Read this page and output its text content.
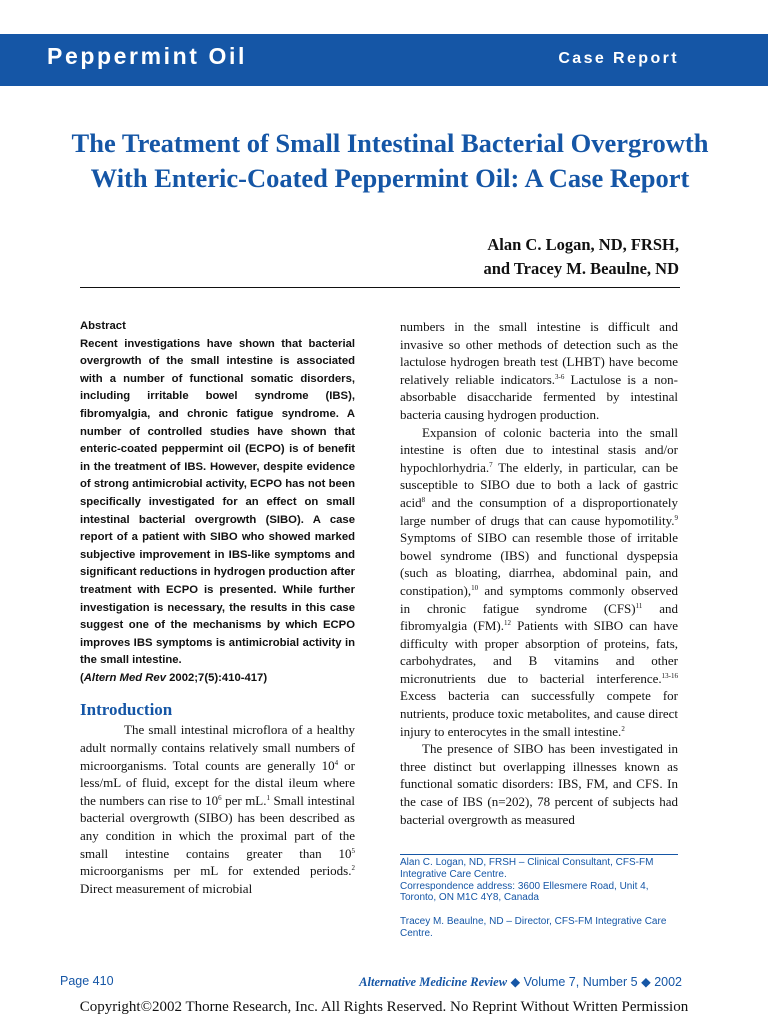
Peppermint Oil	Case Report
The Treatment of Small Intestinal Bacterial Overgrowth With Enteric-Coated Peppermint Oil: A Case Report
Alan C. Logan, ND, FRSH,
and Tracey M. Beaulne, ND
Abstract

Recent investigations have shown that bacterial overgrowth of the small intestine is associated with a number of functional somatic disorders, including irritable bowel syndrome (IBS), fibromyalgia, and chronic fatigue syndrome. A number of controlled studies have shown that enteric-coated peppermint oil (ECPO) is of benefit in the treatment of IBS. However, despite evidence of strong antimicrobial activity, ECPO has not been specifically investigated for an effect on small intestinal bacterial overgrowth (SIBO). A case report of a patient with SIBO who showed marked subjective improvement in IBS-like symptoms and significant reductions in hydrogen production after treatment with ECPO is presented. While further investigation is necessary, the results in this case suggest one of the mechanisms by which ECPO improves IBS symptoms is antimicrobial activity in the small intestine.

(Altern Med Rev 2002;7(5):410-417)
Introduction

The small intestinal microflora of a healthy adult normally contains relatively small numbers of microorganisms. Total counts are generally $10^4$ or less/mL of fluid, except for the distal ileum where the numbers can rise to $10^6$ per mL.$^1$ Small intestinal bacterial overgrowth (SIBO) has been described as any condition in which the proximal part of the small intestine contains greater than $10^5$ microorganisms per mL for extended periods.$^2$ Direct measurement of microbial

numbers in the small intestine is difficult and invasive so other methods of detection such as the lactulose hydrogen breath test (LHBT) have become relatively reliable indicators.$^{3-6}$ Lactulose is a non-absorbable disaccharide fermented by intestinal bacteria causing hydrogen production.

Expansion of colonic bacteria into the small intestine is often due to intestinal stasis and/or hypochlorhydria.$^7$ The elderly, in particular, can be susceptible to SIBO due to both a lack of gastric acid$^8$ and the consumption of a disproportionately large number of drugs that can cause hypomotility.$^9$ Symptoms of SIBO can resemble those of irritable bowel syndrome (IBS) and functional dyspepsia (such as bloating, diarrhea, abdominal pain, and constipation),$^{10}$ and symptoms commonly observed in chronic fatigue syndrome (CFS)$^{11}$ and fibromyalgia (FM).$^{12}$ Patients with SIBO can have difficulty with proper absorption of proteins, fats, carbohydrates, and B vitamins and other micronutrients due to bacterial interference.$^{13-16}$ Excess bacteria can successfully compete for nutrients, produce toxic metabolites, and cause direct injury to enterocytes in the small intestine.$^2$

The presence of SIBO has been investigated in three distinct but overlapping illnesses known as functional somatic disorders: IBS, FM, and CFS. In the case of IBS (n=202), 78 percent of subjects had bacterial overgrowth as measured

Alan C. Logan, ND, FRSH – Clinical Consultant, CFS-FM Integrative Care Centre.

Correspondence address: 3600 Ellesmere Road, Unit 4, Toronto, ON M1C 4Y8, Canada

Tracey M. Beaulne, ND – Director, CFS-FM Integrative Care Centre.

Page 410	Alternative Medicine Review ◆ Volume 7, Number 5 ◆ 2002
Copyright©2002 Thorne Research, Inc. All Rights Reserved. No Reprint Without Written Permission
